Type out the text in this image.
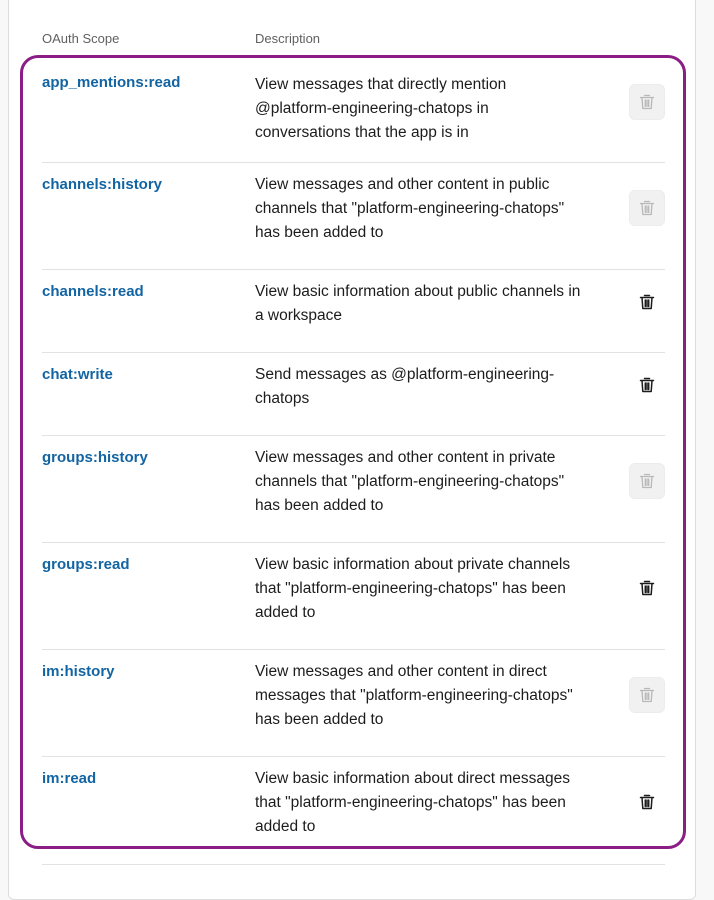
OAuth Scope	Description
app_mentions:read	View messages that directly mention @platform-engineering-chatops in conversations that the app is in
channels:history	View messages and other content in public channels that "platform-engineering-chatops" has been added to
channels:read	View basic information about public channels in a workspace
chat:write	Send messages as @platform-engineering-chatops
groups:history	View messages and other content in private channels that "platform-engineering-chatops" has been added to
groups:read	View basic information about private channels that "platform-engineering-chatops" has been added to
im:history	View messages and other content in direct messages that "platform-engineering-chatops" has been added to
im:read	View basic information about direct messages that "platform-engineering-chatops" has been added to
